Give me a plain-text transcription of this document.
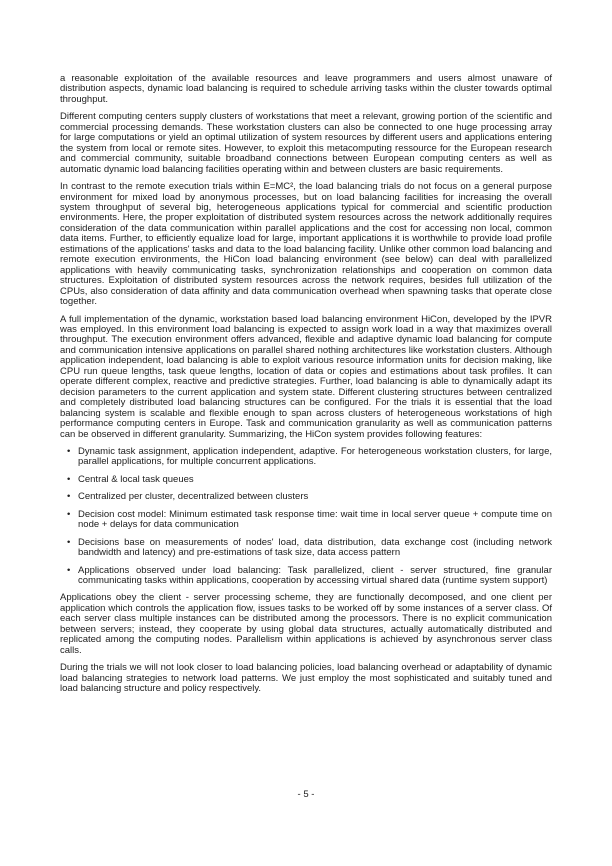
a reasonable exploitation of the available resources and leave programmers and users almost unaware of distribution aspects, dynamic load balancing is required to schedule arriving tasks within the cluster towards optimal throughput.

Different computing centers supply clusters of workstations that meet a relevant, growing portion of the scientific and commercial processing demands. These workstation clusters can also be connected to one huge processing array for large computations or yield an optimal utilization of system resources by different users and applications entering the system from local or remote sites. However, to exploit this metacomputing ressource for the European research and commercial community, suitable broadband connections between European computing centers as well as automatic dynamic load balancing facilities operating within and between clusters are basic requirements.

In contrast to the remote execution trials within E=MC², the load balancing trials do not focus on a general purpose environment for mixed load by anonymous processes, but on load balancing facilities for increasing the overall system throughput of several big, heterogeneous applications typical for commercial and scientific production environments. Here, the proper exploitation of distributed system resources across the network additionally requires consideration of the data communication within parallel applications and the cost for accessing non local, common data items. Further, to efficiently equalize load for large, important applications it is worthwhile to provide load profile estimations of the applications' tasks and data to the load balancing facility. Unlike other common load balancing and remote execution environments, the HiCon load balancing environment (see below) can deal with parallelized applications with heavily communicating tasks, synchronization relationships and cooperation on common data structures. Exploitation of distributed system resources across the network requires, besides full utilization of the CPUs, also consideration of data affinity and data communication overhead when spawning tasks that operate close together.

A full implementation of the dynamic, workstation based load balancing environment HiCon, developed by the IPVR was employed. In this environment load balancing is expected to assign work load in a way that maximizes overall throughput. The execution environment offers advanced, flexible and adaptive dynamic load balancing for compute and communication intensive applications on parallel shared nothing architectures like workstation clusters. Although application independent, load balancing is able to exploit various resource information units for decision making, like CPU run queue lengths, task queue lengths, location of data or copies and estimations about task profiles. It can operate different complex, reactive and predictive strategies. Further, load balancing is able to dynamically adapt its decision parameters to the current application and system state. Different clustering structures between centralized and completely distributed load balancing structures can be configured. For the trials it is essential that the load balancing system is scalable and flexible enough to span across clusters of heterogeneous workstations of high performance computing centers in Europe. Task and communication granularity as well as communication patterns can be observed in different granularity. Summarizing, the HiCon system provides following features:

• Dynamic task assignment, application independent, adaptive. For heterogeneous workstation clusters, for large, parallel applications, for multiple concurrent applications.
• Central & local task queues
• Centralized per cluster, decentralized between clusters
• Decision cost model: Minimum estimated task response time: wait time in local server queue + compute time on node + delays for data communication
• Decisions base on measurements of nodes' load, data distribution, data exchange cost (including network bandwidth and latency) and pre-estimations of task size, data access pattern
• Applications observed under load balancing: Task parallelized, client - server structured, fine granular communicating tasks within applications, cooperation by accessing virtual shared data (runtime system support)

Applications obey the client - server processing scheme, they are functionally decomposed, and one client per application which controls the application flow, issues tasks to be worked off by some instances of a server class. Of each server class multiple instances can be distributed among the processors. There is no explicit communication between servers; instead, they cooperate by using global data structures, actually automatically distributed and replicated among the computing nodes. Parallelism within applications is achieved by asynchronous server class calls.

During the trials we will not look closer to load balancing policies, load balancing overhead or adaptability of dynamic load balancing strategies to network load patterns. We just employ the most sophisticated and suitably tuned and load balancing structure and policy respectively.

- 5 -
